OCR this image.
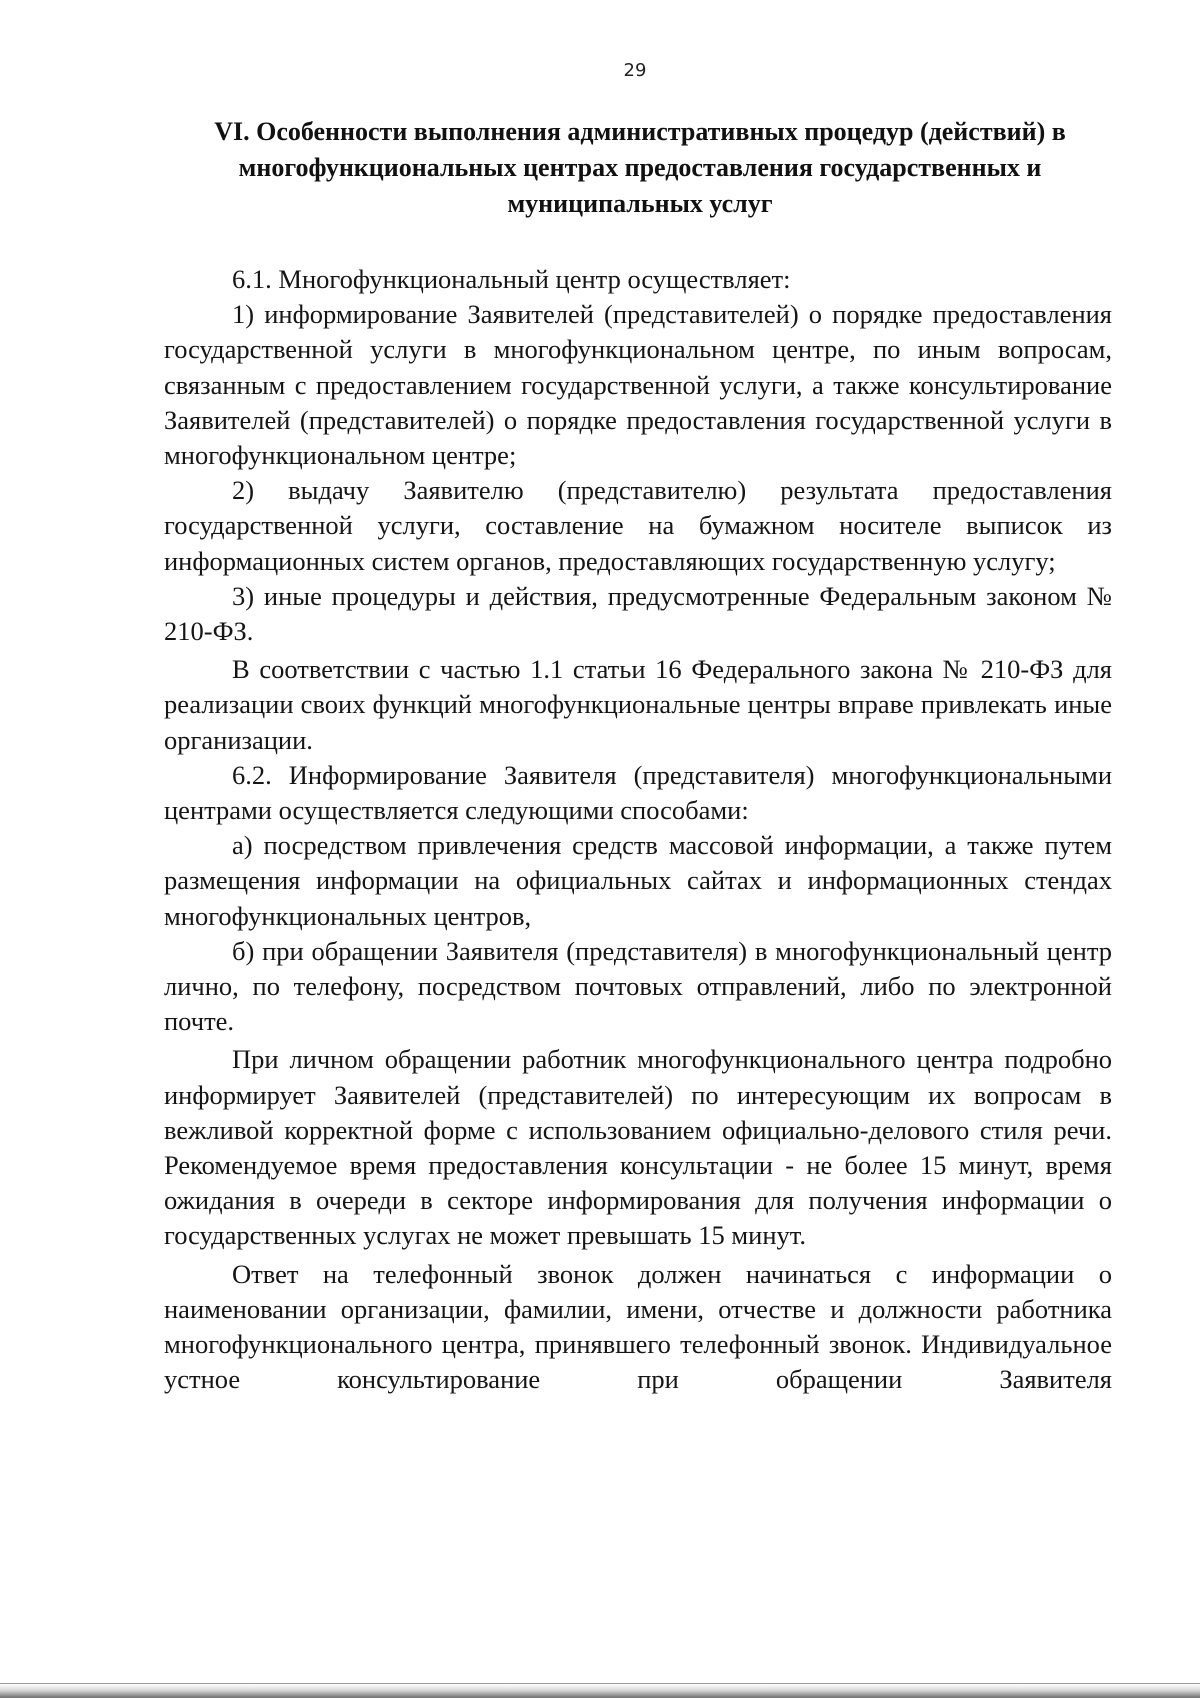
29
VI. Особенности выполнения административных процедур (действий) в многофункциональных центрах предоставления государственных и муниципальных услуг

6.1. Многофункциональный центр осуществляет:

1) информирование Заявителей (представителей) о порядке предоставления государственной услуги в многофункциональном центре, по иным вопросам, связанным с предоставлением государственной услуги, а также консультирование Заявителей (представителей) о порядке предоставления государственной услуги в многофункциональном центре;

2) выдачу Заявителю (представителю) результата предоставления государственной услуги, составление на бумажном носителе выписок из информационных систем органов, предоставляющих государственную услугу;

3) иные процедуры и действия, предусмотренные Федеральным законом № 210-ФЗ.

В соответствии с частью 1.1 статьи 16 Федерального закона № 210-ФЗ для реализации своих функций многофункциональные центры вправе привлекать иные организации.

6.2. Информирование Заявителя (представителя) многофункциональными центрами осуществляется следующими способами:

а) посредством привлечения средств массовой информации, а также путем размещения информации на официальных сайтах и информационных стендах многофункциональных центров,

б) при обращении Заявителя (представителя) в многофункциональный центр лично, по телефону, посредством почтовых отправлений, либо по электронной почте.

При личном обращении работник многофункционального центра подробно информирует Заявителей (представителей) по интересующим их вопросам в вежливой корректной форме с использованием официально-делового стиля речи. Рекомендуемое время предоставления консультации - не более 15 минут, время ожидания в очереди в секторе информирования для получения информации о государственных услугах не может превышать 15 минут.

Ответ на телефонный звонок должен начинаться с информации о наименовании организации, фамилии, имени, отчестве и должности работника многофункционального центра, принявшего телефонный звонок. Индивидуальное устное консультирование при обращении Заявителя
